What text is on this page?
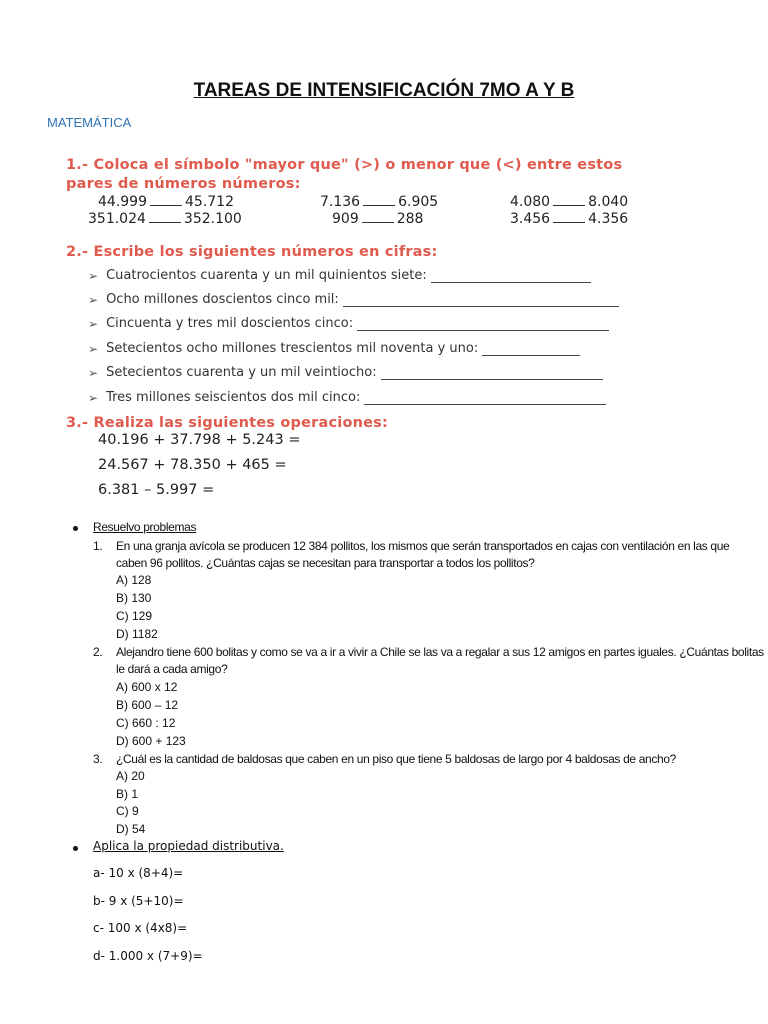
TAREAS DE INTENSIFICACIÓN 7MO A Y B
MATEMÁTICA
1.- Coloca el símbolo "mayor que" (>) o menor que (<) entre estos
pares de números números:
44.999	45.712	7.136	6.905	4.080	8.040
351.024	352.100	909	288	3.456	4.356
2.- Escribe los siguientes números en cifras:
➢ Cuatrocientos cuarenta y un mil quinientos siete:
➢ Ocho millones doscientos cinco mil:
➢ Cincuenta y tres mil doscientos cinco:
➢ Setecientos ocho millones trescientos mil noventa y uno:
➢ Setecientos cuarenta y un mil veintiocho:
➢ Tres millones seiscientos dos mil cinco:
3.- Realiza las siguientes operaciones:
40.196 + 37.798 + 5.243 =
24.567 + 78.350 + 465 =
6.381 – 5.997 =
Resuelvo problemas
1. En una granja avícola se producen 12 384 pollitos, los mismos que serán transportados en cajas con ventilación en las que
caben 96 pollitos. ¿Cuántas cajas se necesitan para transportar a todos los pollitos?
A) 128
B) 130
C) 129
D) 1182
2. Alejandro tiene 600 bolitas y como se va a ir a vivir a Chile se las va a regalar a sus 12 amigos en partes iguales. ¿Cuántas bolitas
le dará a cada amigo?
A) 600 x 12
B) 600 – 12
C) 660 : 12
D) 600 + 123
3. ¿Cuál es la cantidad de baldosas que caben en un piso que tiene 5 baldosas de largo por 4 baldosas de ancho?
A) 20
B) 1
C) 9
D) 54
Aplica la propiedad distributiva.
a- 10 x (8+4)=
b- 9 x (5+10)=
c- 100 x (4x8)=
d- 1.000 x (7+9)=
